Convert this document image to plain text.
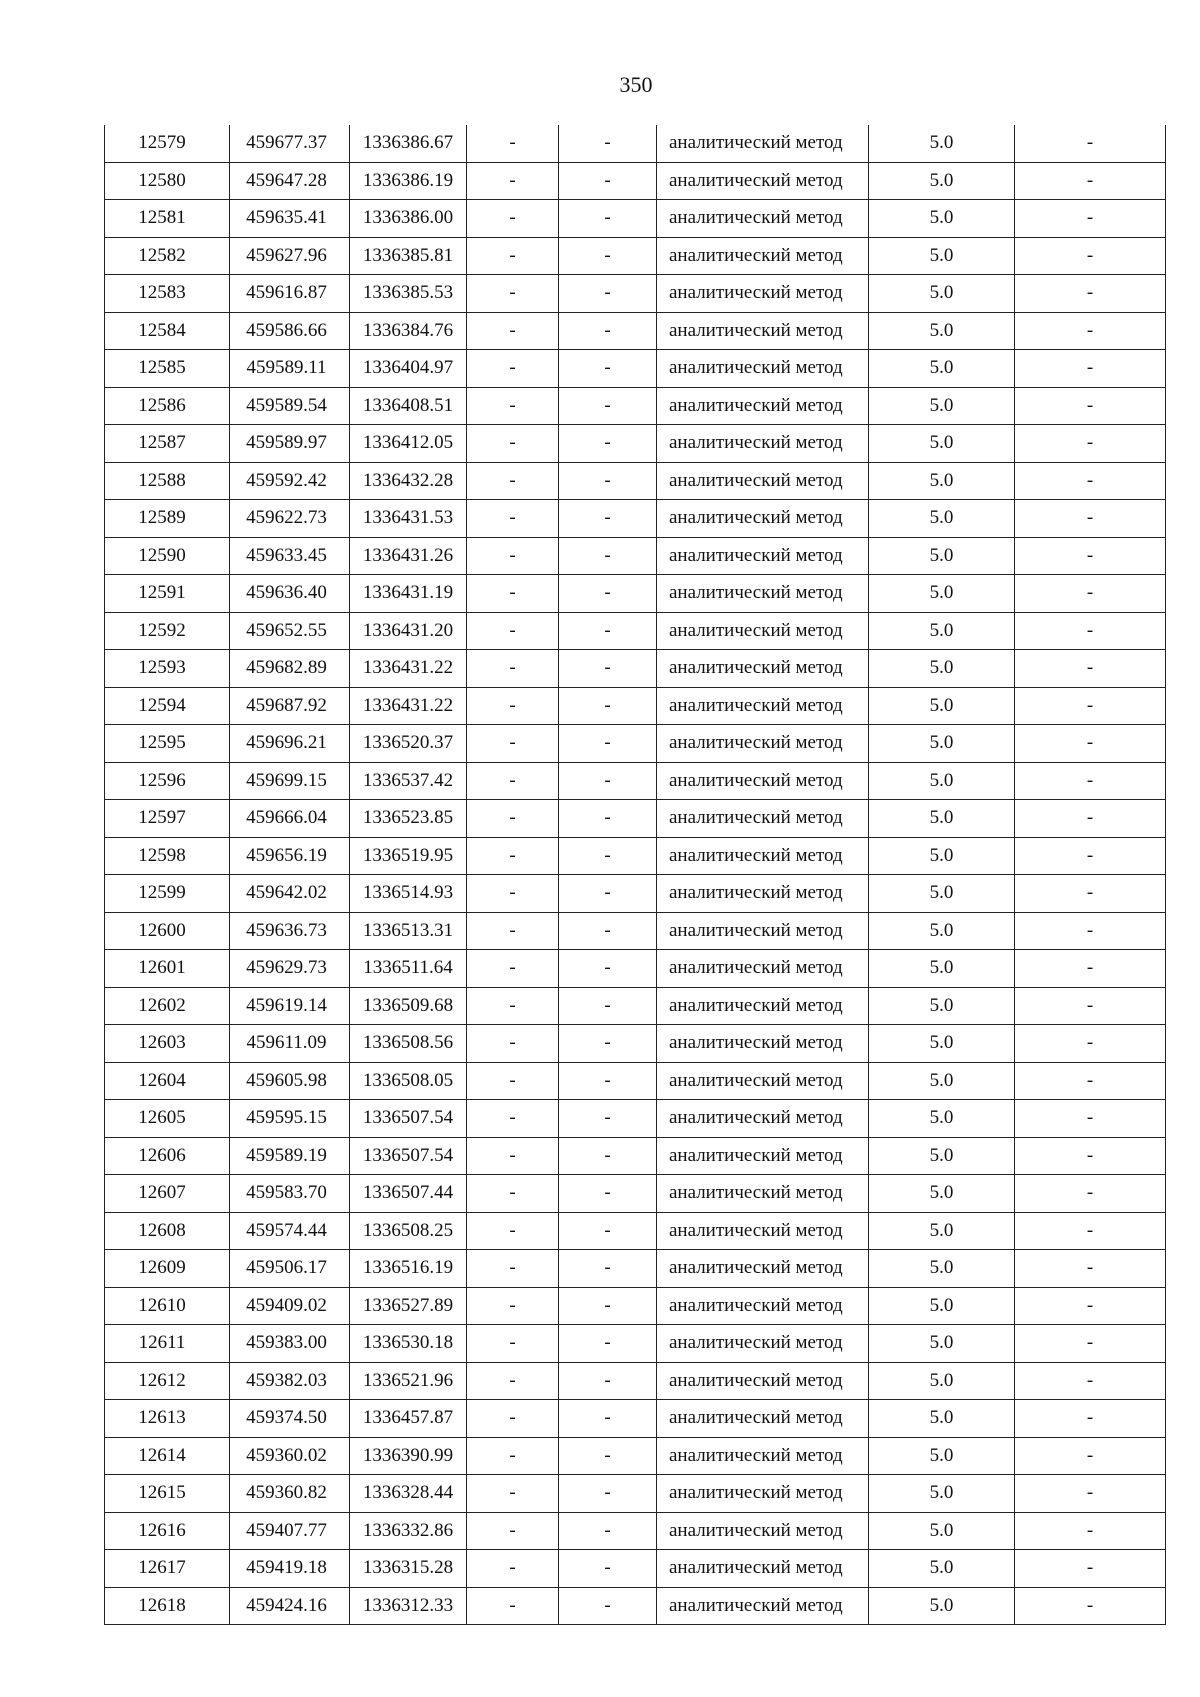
350
12579	459677.37	1336386.67	-	-	аналитический метод	5.0	-
12580	459647.28	1336386.19	-	-	аналитический метод	5.0	-
12581	459635.41	1336386.00	-	-	аналитический метод	5.0	-
12582	459627.96	1336385.81	-	-	аналитический метод	5.0	-
12583	459616.87	1336385.53	-	-	аналитический метод	5.0	-
12584	459586.66	1336384.76	-	-	аналитический метод	5.0	-
12585	459589.11	1336404.97	-	-	аналитический метод	5.0	-
12586	459589.54	1336408.51	-	-	аналитический метод	5.0	-
12587	459589.97	1336412.05	-	-	аналитический метод	5.0	-
12588	459592.42	1336432.28	-	-	аналитический метод	5.0	-
12589	459622.73	1336431.53	-	-	аналитический метод	5.0	-
12590	459633.45	1336431.26	-	-	аналитический метод	5.0	-
12591	459636.40	1336431.19	-	-	аналитический метод	5.0	-
12592	459652.55	1336431.20	-	-	аналитический метод	5.0	-
12593	459682.89	1336431.22	-	-	аналитический метод	5.0	-
12594	459687.92	1336431.22	-	-	аналитический метод	5.0	-
12595	459696.21	1336520.37	-	-	аналитический метод	5.0	-
12596	459699.15	1336537.42	-	-	аналитический метод	5.0	-
12597	459666.04	1336523.85	-	-	аналитический метод	5.0	-
12598	459656.19	1336519.95	-	-	аналитический метод	5.0	-
12599	459642.02	1336514.93	-	-	аналитический метод	5.0	-
12600	459636.73	1336513.31	-	-	аналитический метод	5.0	-
12601	459629.73	1336511.64	-	-	аналитический метод	5.0	-
12602	459619.14	1336509.68	-	-	аналитический метод	5.0	-
12603	459611.09	1336508.56	-	-	аналитический метод	5.0	-
12604	459605.98	1336508.05	-	-	аналитический метод	5.0	-
12605	459595.15	1336507.54	-	-	аналитический метод	5.0	-
12606	459589.19	1336507.54	-	-	аналитический метод	5.0	-
12607	459583.70	1336507.44	-	-	аналитический метод	5.0	-
12608	459574.44	1336508.25	-	-	аналитический метод	5.0	-
12609	459506.17	1336516.19	-	-	аналитический метод	5.0	-
12610	459409.02	1336527.89	-	-	аналитический метод	5.0	-
12611	459383.00	1336530.18	-	-	аналитический метод	5.0	-
12612	459382.03	1336521.96	-	-	аналитический метод	5.0	-
12613	459374.50	1336457.87	-	-	аналитический метод	5.0	-
12614	459360.02	1336390.99	-	-	аналитический метод	5.0	-
12615	459360.82	1336328.44	-	-	аналитический метод	5.0	-
12616	459407.77	1336332.86	-	-	аналитический метод	5.0	-
12617	459419.18	1336315.28	-	-	аналитический метод	5.0	-
12618	459424.16	1336312.33	-	-	аналитический метод	5.0	-
